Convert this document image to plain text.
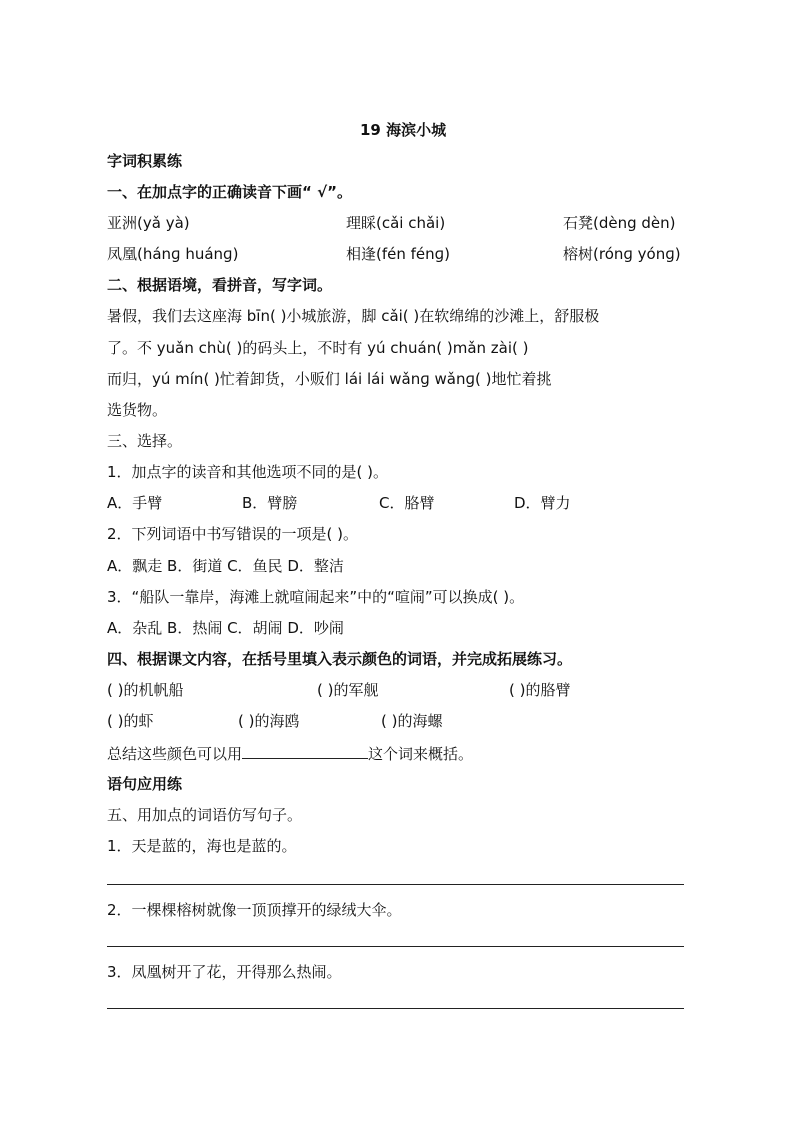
19 海滨小城
字词积累练
一、在加点字的正确读音下画“ √”。
亚洲(yǎ yà)	理睬(cǎi chǎi)	石凳(dèng dèn)
凤凰(hánɡ huánɡ)	相逢(fén fénɡ)	榕树(rónɡ yónɡ)
二、根据语境，看拼音，写字词。
暑假，我们去这座海 bīn( )小城旅游，脚 cǎi( )在软绵绵的沙滩上，舒服极
了。不 yuǎn chù( )的码头上，不时有 yú chuán( )mǎn zài( )
而归，yú mín( )忙着卸货，小贩们 lái lái wǎnɡ wǎnɡ( )地忙着挑
选货物。
三、选择。
1．加点字的读音和其他选项不同的是( )。
A．手臂	B．臂膀	C．胳臂	D．臂力
2．下列词语中书写错误的一项是( )。
A．飘走 B．街道 C．鱼民 D．整洁
3．“船队一靠岸，海滩上就喧闹起来”中的“喧闹”可以换成( )。
A．杂乱 B．热闹 C．胡闹 D．吵闹
四、根据课文内容，在括号里填入表示颜色的词语，并完成拓展练习。
( )的机帆船	( )的军舰	( )的胳臂
( )的虾	( )的海鸥	( )的海螺
总结这些颜色可以用	这个词来概括。
语句应用练
五、用加点的词语仿写句子。
1．天是蓝的，海也是蓝的。
2．一棵棵榕树就像一顶顶撑开的绿绒大伞。
3．凤凰树开了花，开得那么热闹。
